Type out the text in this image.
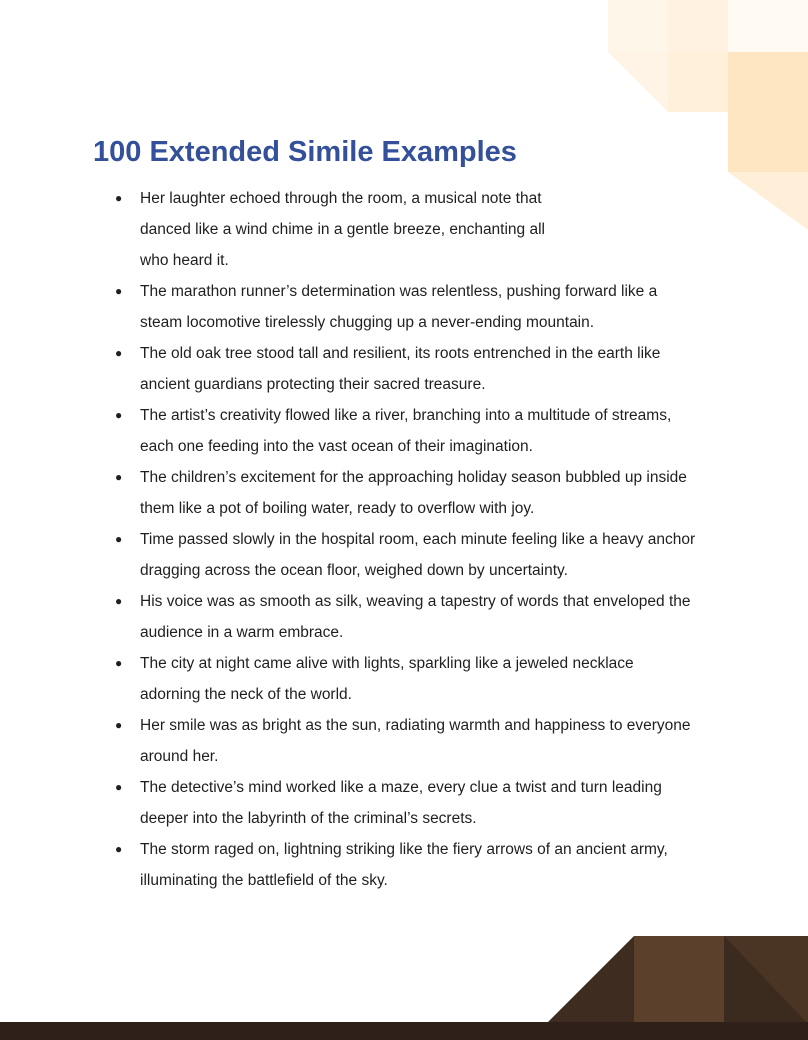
100 Extended Simile Examples
● Her laughter echoed through the room, a musical note that
danced like a wind chime in a gentle breeze, enchanting all
who heard it.
● The marathon runner’s determination was relentless, pushing forward like a
steam locomotive tirelessly chugging up a never-ending mountain.
● The old oak tree stood tall and resilient, its roots entrenched in the earth like
ancient guardians protecting their sacred treasure.
● The artist’s creativity flowed like a river, branching into a multitude of streams,
each one feeding into the vast ocean of their imagination.
● The children’s excitement for the approaching holiday season bubbled up inside
them like a pot of boiling water, ready to overflow with joy.
● Time passed slowly in the hospital room, each minute feeling like a heavy anchor
dragging across the ocean floor, weighed down by uncertainty.
● His voice was as smooth as silk, weaving a tapestry of words that enveloped the
audience in a warm embrace.
● The city at night came alive with lights, sparkling like a jeweled necklace
adorning the neck of the world.
● Her smile was as bright as the sun, radiating warmth and happiness to everyone
around her.
● The detective’s mind worked like a maze, every clue a twist and turn leading
deeper into the labyrinth of the criminal’s secrets.
● The storm raged on, lightning striking like the fiery arrows of an ancient army,
illuminating the battlefield of the sky.
